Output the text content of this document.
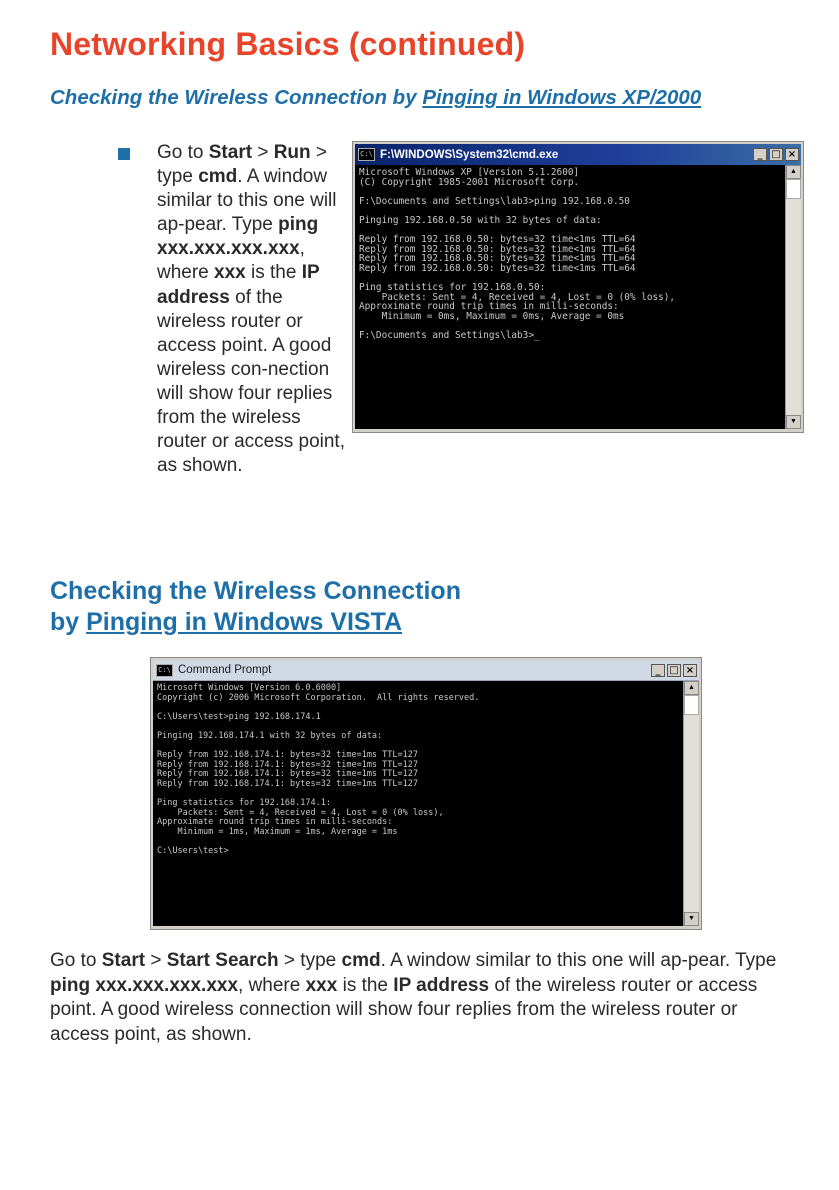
Networking Basics (continued)
Checking the Wireless Connection by Pinging in Windows XP/2000

Go to Start > Run > type cmd. A window similar to this one will ap-pear. Type ping xxx.xxx.xxx.xxx, where xxx is the IP address of the wireless router or access point. A good wireless con-nection will show four replies from the wireless router or access point, as shown.

C:\ F:\WINDOWS\System32\cmd.exe	_ □ ×
Microsoft Windows XP [Version 5.1.2600]
(C) Copyright 1985-2001 Microsoft Corp.

F:\Documents and Settings\lab3>ping 192.168.0.50

Pinging 192.168.0.50 with 32 bytes of data:

Reply from 192.168.0.50: bytes=32 time<1ms TTL=64
Reply from 192.168.0.50: bytes=32 time<1ms TTL=64
Reply from 192.168.0.50: bytes=32 time<1ms TTL=64
Reply from 192.168.0.50: bytes=32 time<1ms TTL=64

Ping statistics for 192.168.0.50:
Packets: Sent = 4, Received = 4, Lost = 0 (0% loss),
Approximate round trip times in milli-seconds:
Minimum = 0ms, Maximum = 0ms, Average = 0ms

F:\Documents and Settings\lab3>_
▲
▼
Checking the Wireless Connection
by Pinging in Windows VISTA
C:\ Command Prompt	_ □ ×
Microsoft Windows [Version 6.0.6000]
Copyright (c) 2006 Microsoft Corporation.  All rights reserved.

C:\Users\test>ping 192.168.174.1

Pinging 192.168.174.1 with 32 bytes of data:

Reply from 192.168.174.1: bytes=32 time=1ms TTL=127
Reply from 192.168.174.1: bytes=32 time=1ms TTL=127
Reply from 192.168.174.1: bytes=32 time=1ms TTL=127
Reply from 192.168.174.1: bytes=32 time=1ms TTL=127

Ping statistics for 192.168.174.1:
Packets: Sent = 4, Received = 4, Lost = 0 (0% loss),
Approximate round trip times in milli-seconds:
Minimum = 1ms, Maximum = 1ms, Average = 1ms

C:\Users\test>
▲
▼

Go to Start > Start Search > type cmd. A window similar to this one will ap-pear. Type ping xxx.xxx.xxx.xxx, where xxx is the IP address of the wireless router or access point. A good wireless connection will show four replies from the wireless router or access point, as shown.
